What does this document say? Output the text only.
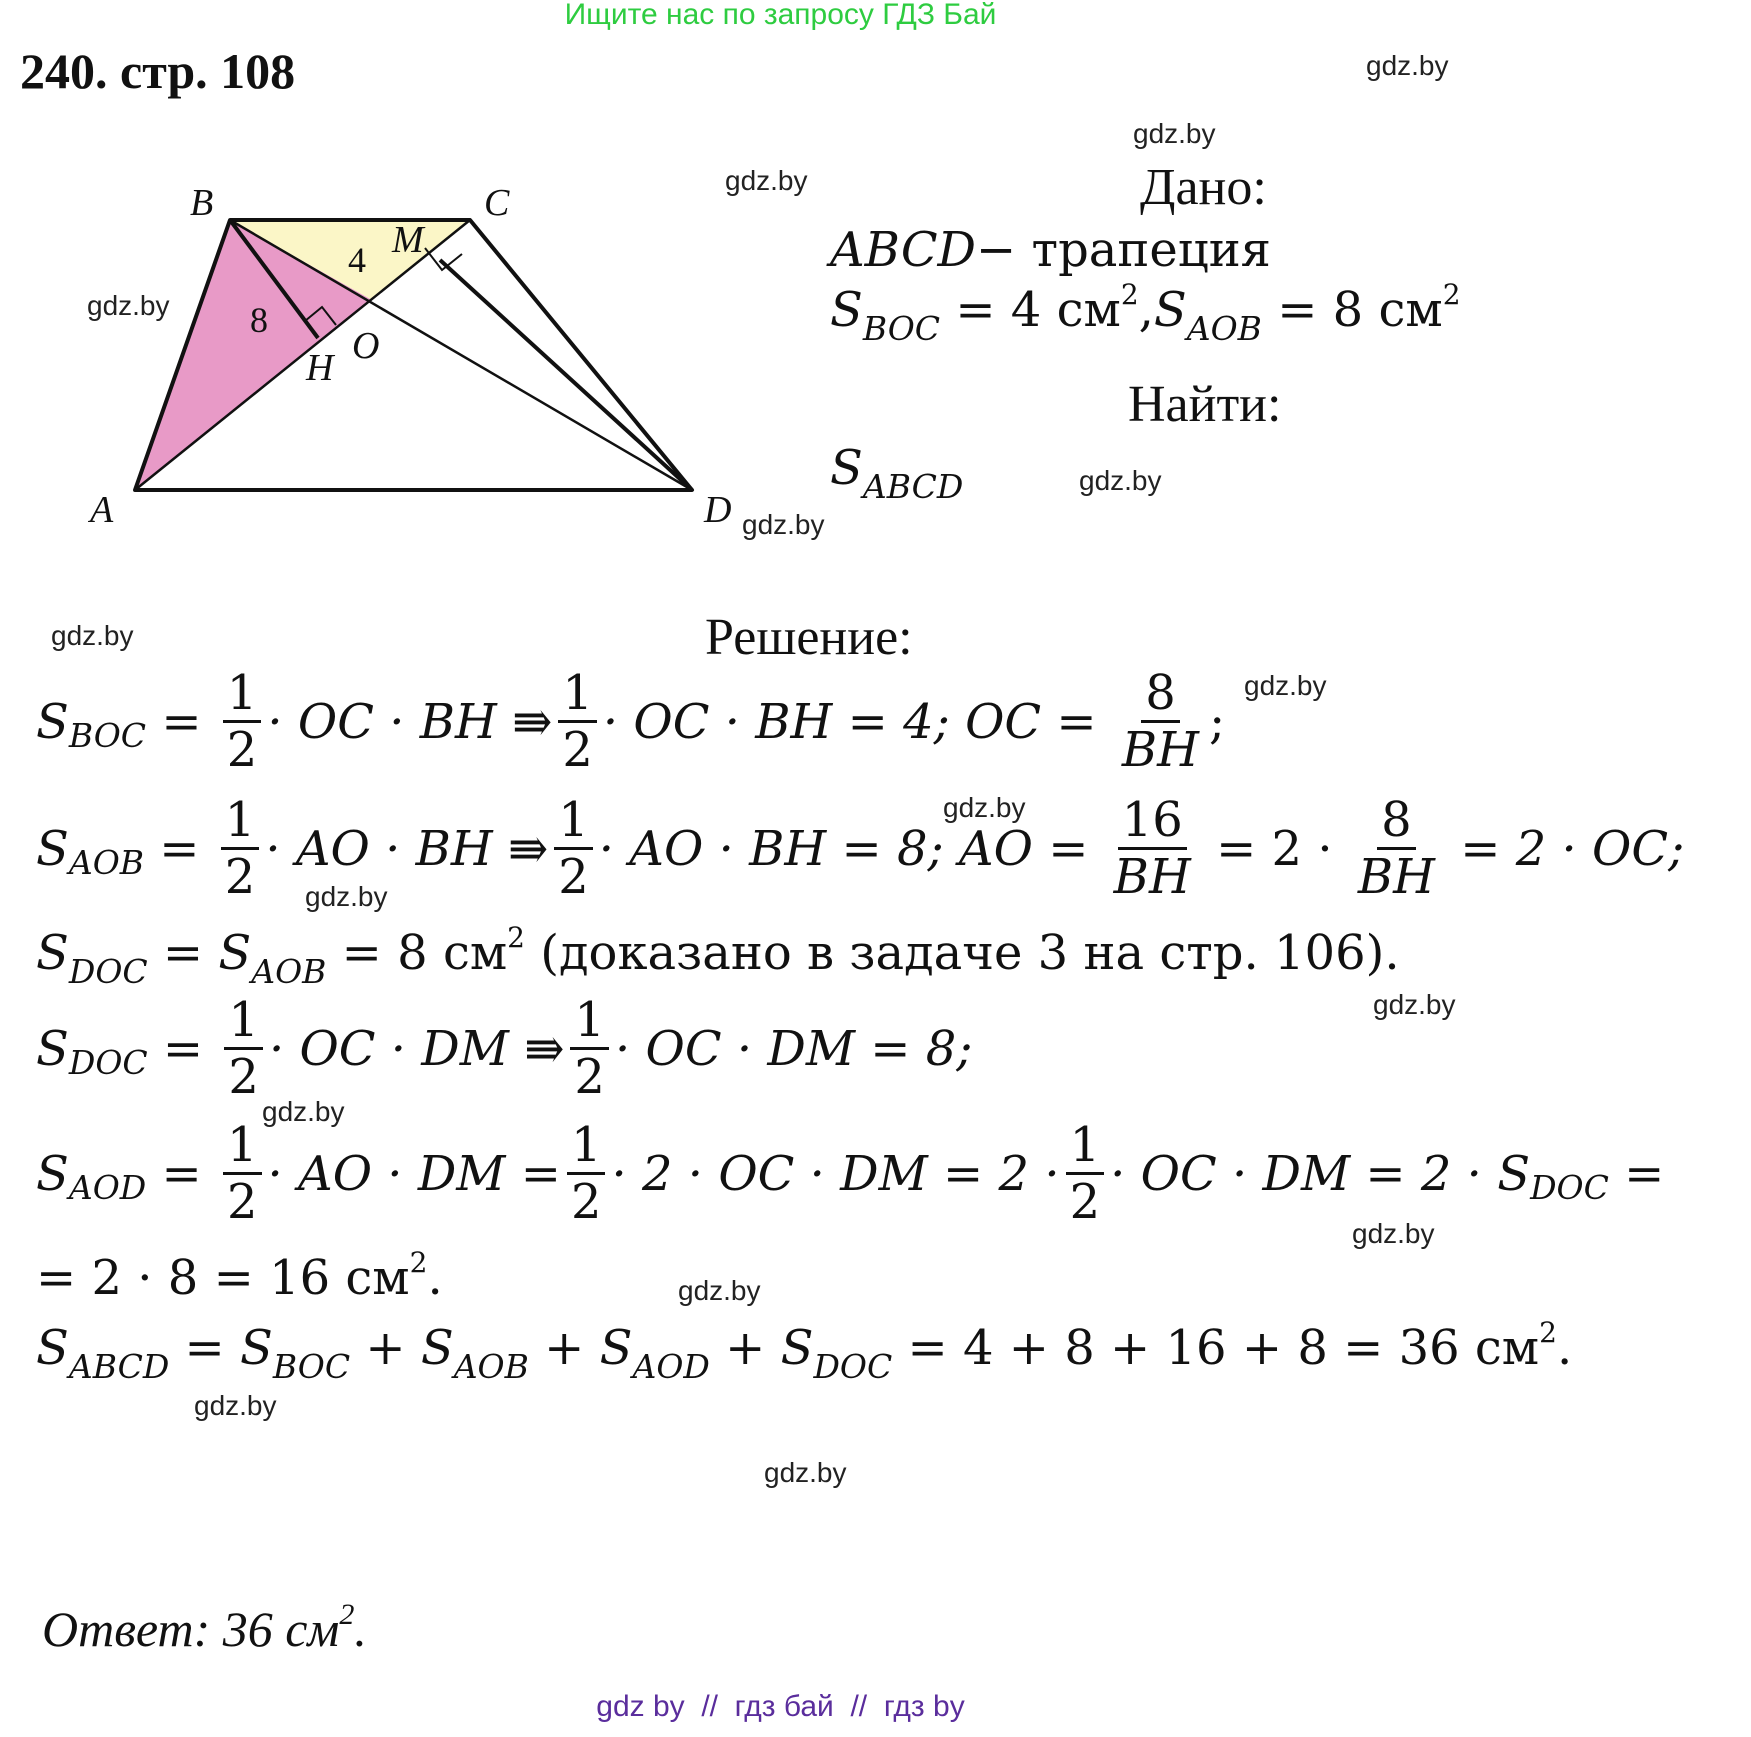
Ищите нас по запросу ГДЗ Бай
240. стр. 108	gdz.by
gdz.by
gdz.by
gdz.by
gdz.by
gdz.by
gdz.by
gdz.by
gdz.by
gdz.by
gdz.by
gdz.by
gdz.by
gdz.by
gdz.by
gdz.by
B	C
A	D
O
H
M
4
8
Дано:
ABCD− трапеция
$S_{BOC} = 4$ $см^2,S_{AOB} = 8$ $см^2$
Найти:
$S_{ABCD}$
Решение:
S BOC = $\frac{1}{2}$ · OC · BH ⇛ $\frac{1}{2}$ · OC · BH = 4; OC = $\frac{8}{BH}$ ;
S AOB = $\frac{1}{2}$ · AO · BH ⇛ $\frac{1}{2}$ · AO · BH = 8; AO = $\frac{16}{BH} = 2 \cdot \frac{8}{BH} = 2$ · OC;
$S_{DOC} = S_{AOB} = 8$ $см^2$ (доказано в задаче 3 на стр. 106).
S DOC = $\frac{1}{2}$ · OC · DM ⇛ $\frac{1}{2}$ · OC · DM = 8;
S AOD = $\frac{1}{2}$ · AO · DM = $\frac{1}{2} \cdot 2$ · OC · DM = $2 \cdot \frac{1}{2}$ · OC · DM = 2 · S DOC =
= 2 · 8 = 16 $см^2$.
$S_{ABCD} = S_{BOC} + S_{AOB} + S_{AOD} + S_{DOC} = 4 + 8 + 16 + 8 = 36$ $см^2$.
Ответ: 36 $см^2$.
gdz by  //  гдз бай  //  гдз by
